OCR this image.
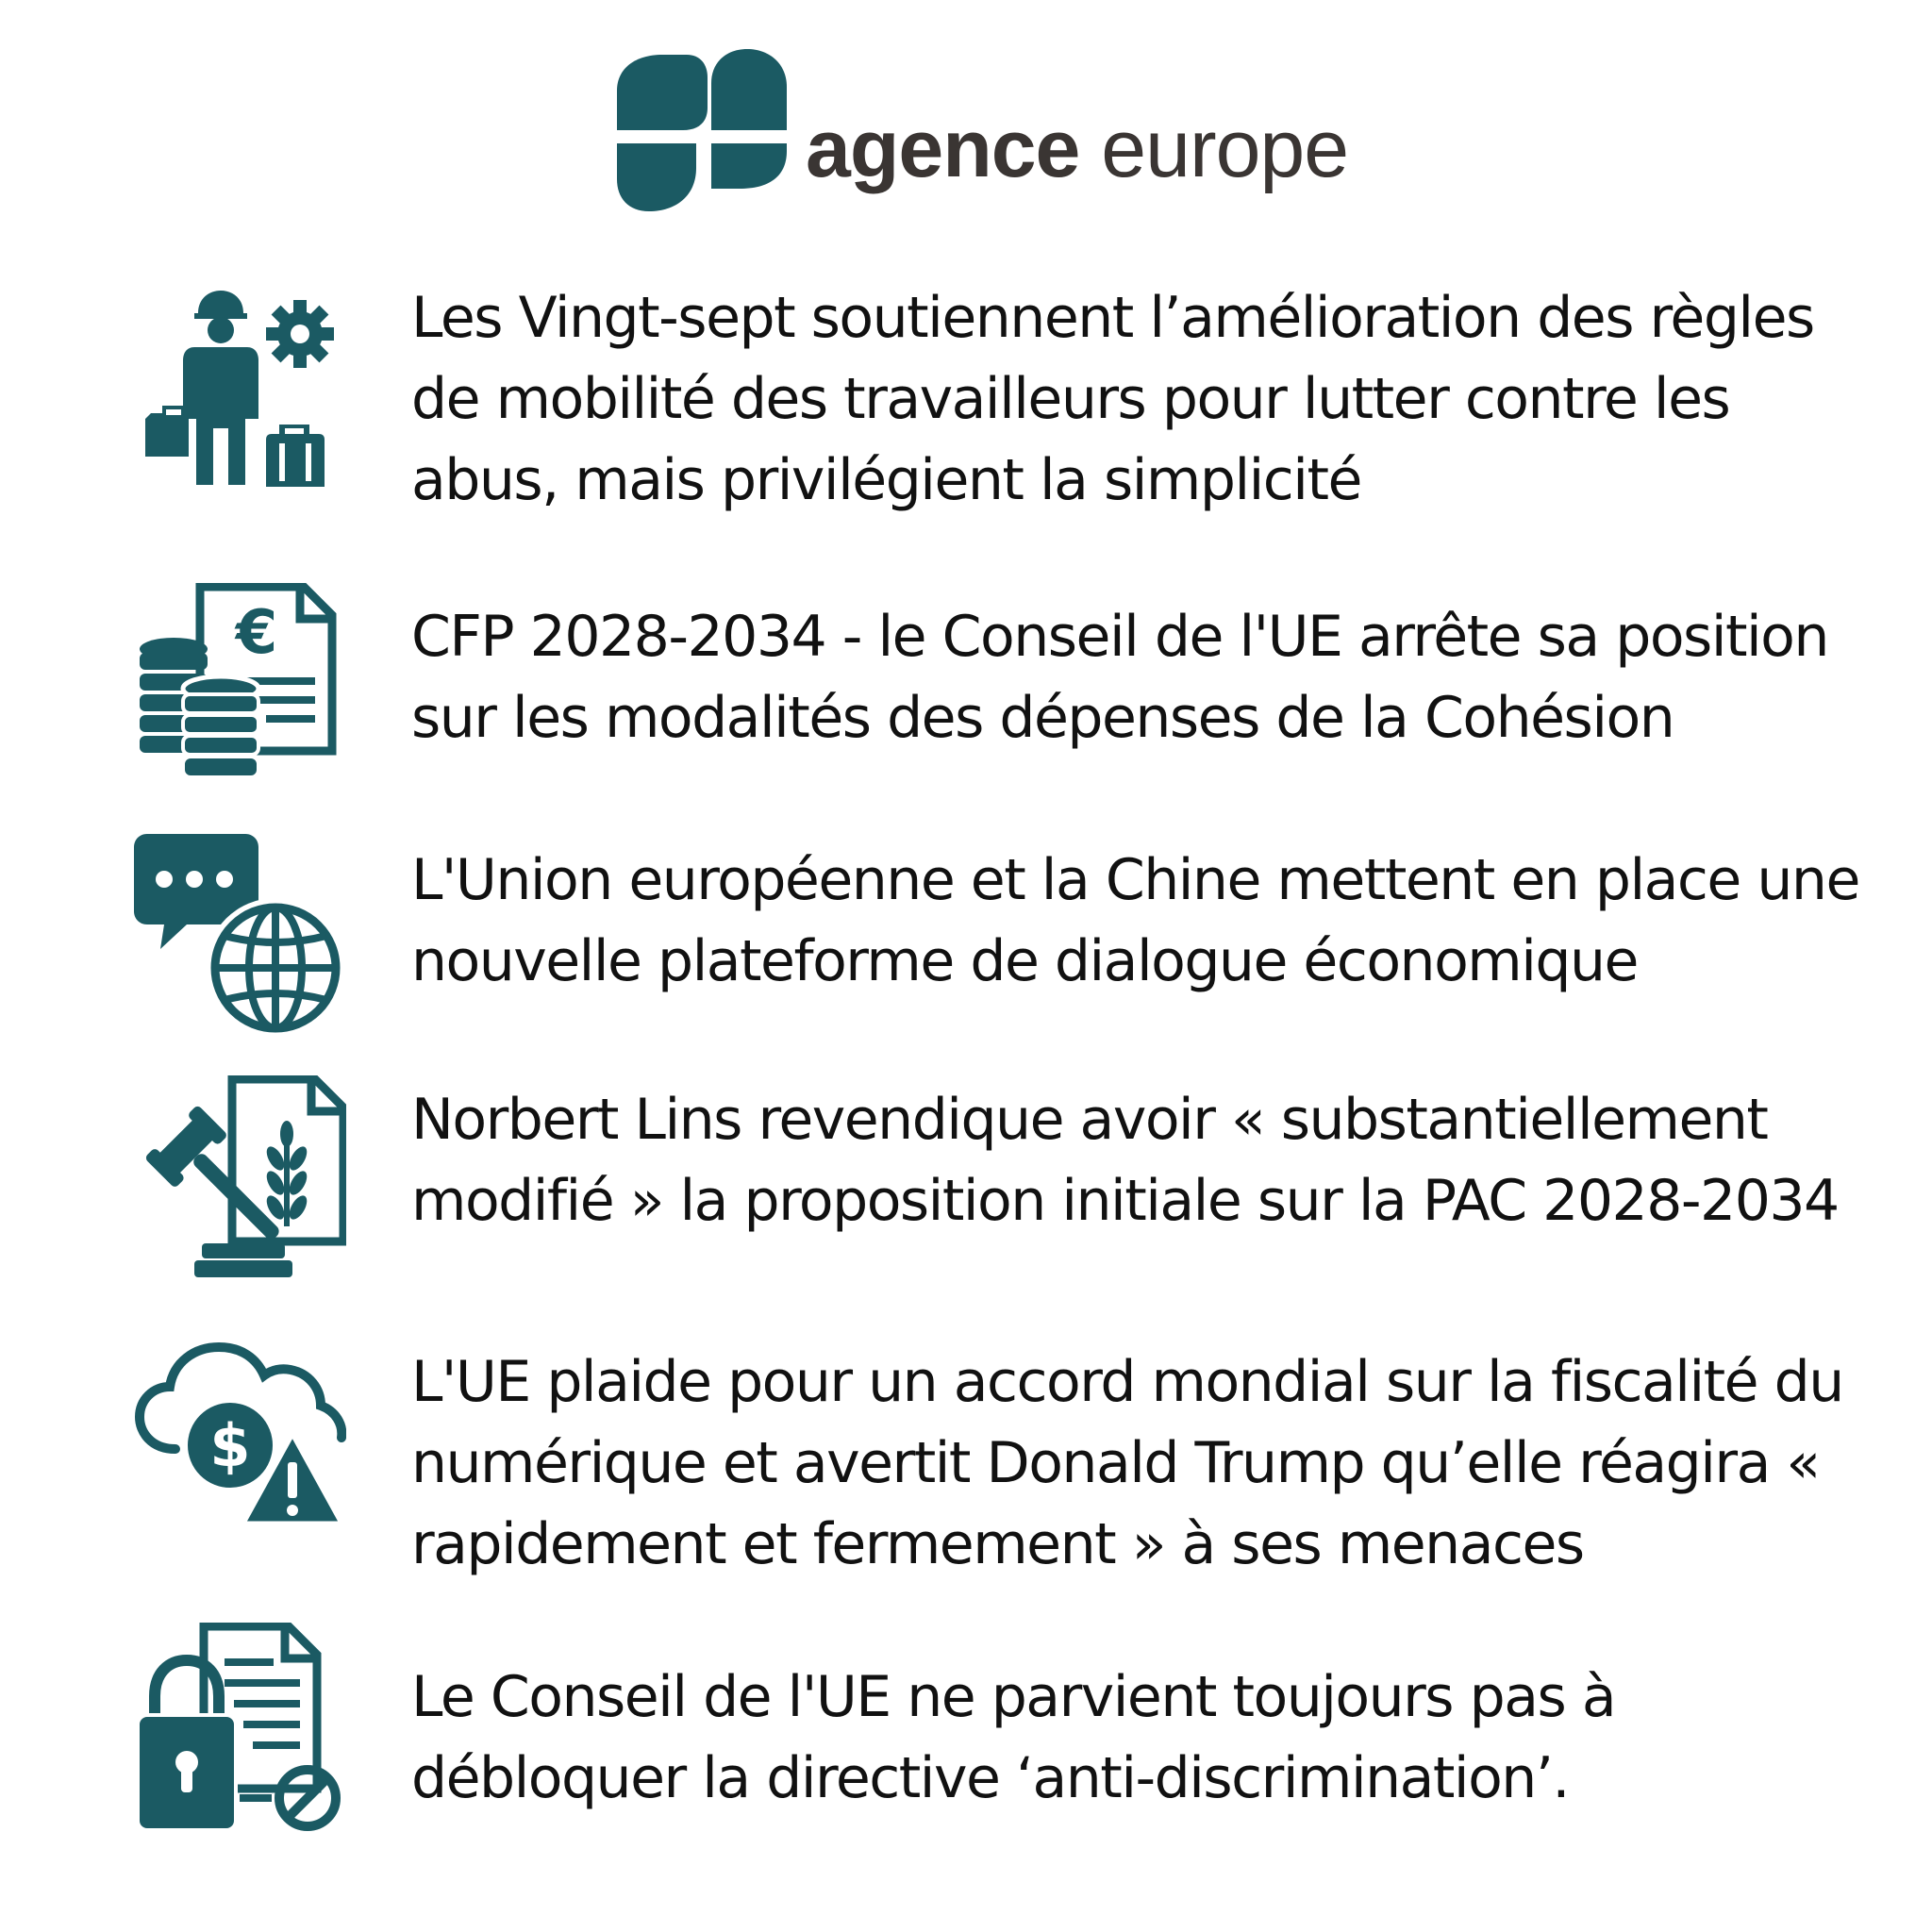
agence europe
Les Vingt-sept soutiennent l’amélioration des règles de mobilité des travailleurs pour lutter contre les abus, mais privilégient la simplicité
€ CFP 2028-2034 - le Conseil de l'UE arrête sa position sur les modalités des dépenses de la Cohésion
L'Union européenne et la Chine mettent en place une nouvelle plateforme de dialogue économique
Norbert Lins revendique avoir « substantiellement modifié » la proposition initiale sur la PAC 2028-2034
$
L'UE plaide pour un accord mondial sur la fiscalité du numérique et avertit Donald Trump qu’elle réagira « rapidement et fermement » à ses menaces
Le Conseil de l'UE ne parvient toujours pas à débloquer la directive ‘anti-discrimination’.
